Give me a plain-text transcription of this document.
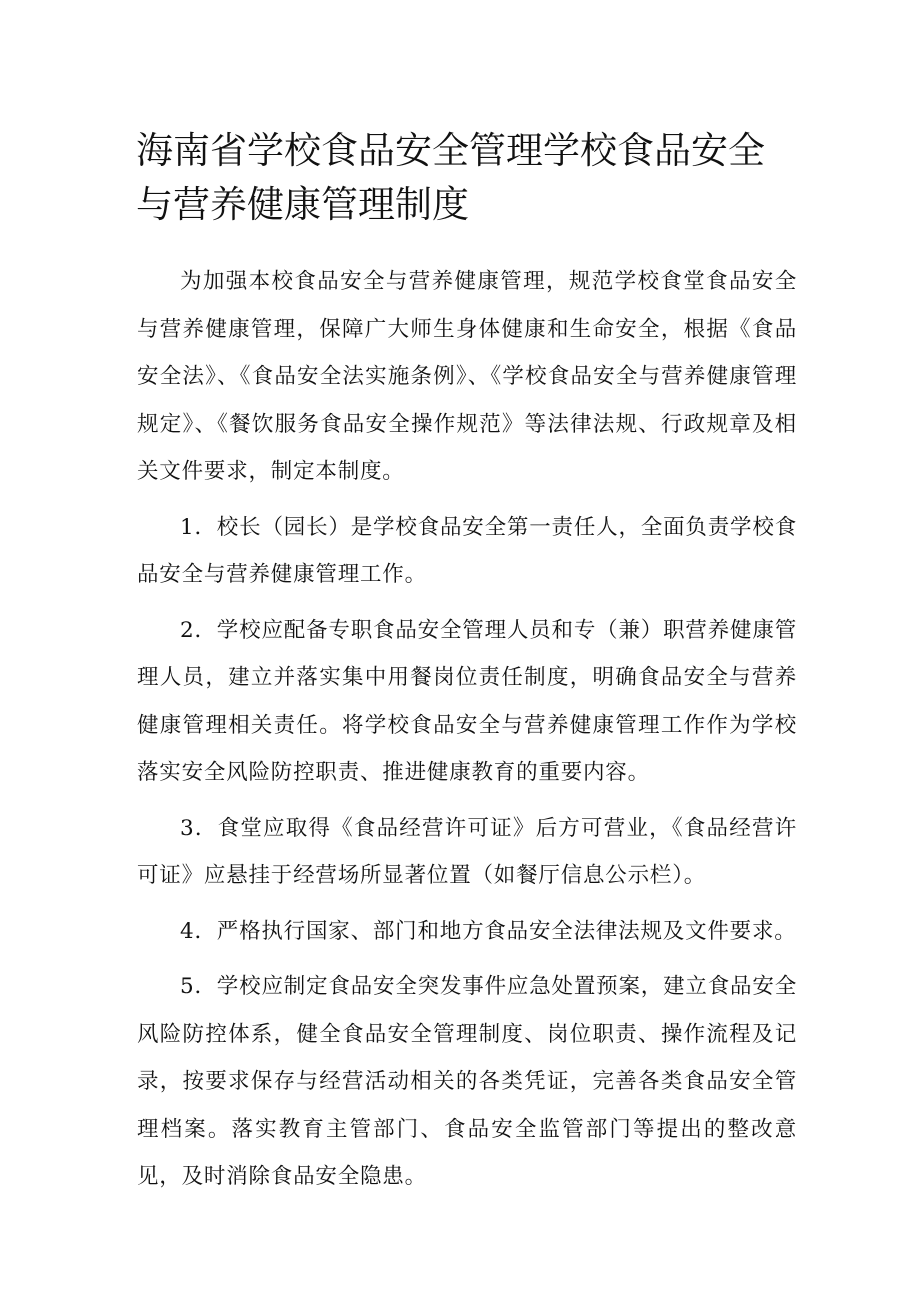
海南省学校食品安全管理学校食品安全与营养健康管理制度

为加强本校食品安全与营养健康管理，规范学校食堂食品安全与营养健康管理，保障广大师生身体健康和生命安全，根据《食品安全法》、《食品安全法实施条例》、《学校食品安全与营养健康管理规定》、《餐饮服务食品安全操作规范》等法律法规、行政规章及相关文件要求，制定本制度。

1．校长（园长）是学校食品安全第一责任人，全面负责学校食品安全与营养健康管理工作。

2．学校应配备专职食品安全管理人员和专（兼）职营养健康管理人员，建立并落实集中用餐岗位责任制度，明确食品安全与营养健康管理相关责任。将学校食品安全与营养健康管理工作作为学校落实安全风险防控职责、推进健康教育的重要内容。

3．食堂应取得《食品经营许可证》后方可营业，《食品经营许可证》应悬挂于经营场所显著位置（如餐厅信息公示栏）。

4．严格执行国家、部门和地方食品安全法律法规及文件要求。

5．学校应制定食品安全突发事件应急处置预案，建立食品安全风险防控体系，健全食品安全管理制度、岗位职责、操作流程及记录，按要求保存与经营活动相关的各类凭证，完善各类食品安全管理档案。落实教育主管部门、食品安全监管部门等提出的整改意见，及时消除食品安全隐患。
